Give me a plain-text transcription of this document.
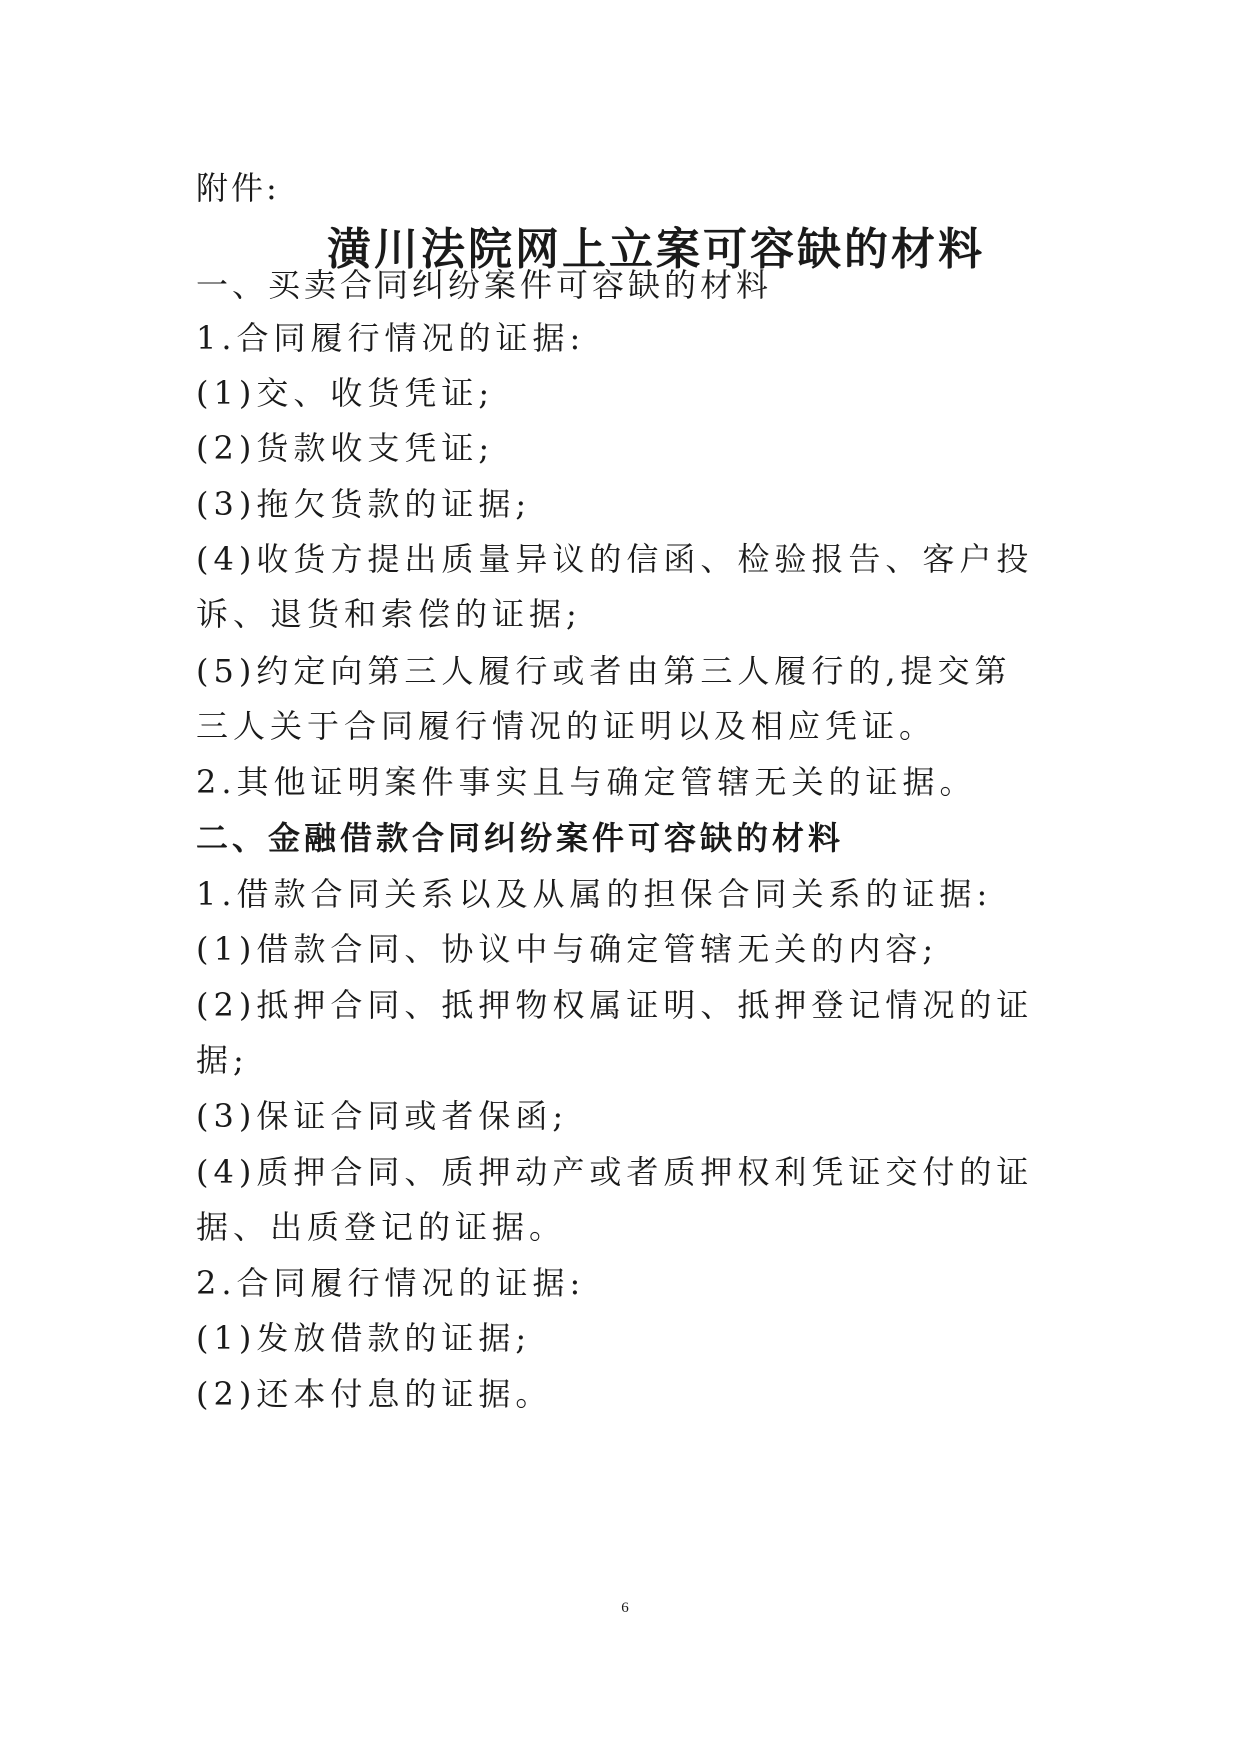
附件:
潢川法院网上立案可容缺的材料
一、买卖合同纠纷案件可容缺的材料
1.合同履行情况的证据:
(1)交、收货凭证;
(2)货款收支凭证;
(3)拖欠货款的证据;
(4)收货方提出质量异议的信函、检验报告、客户投
诉、退货和索偿的证据;
(5)约定向第三人履行或者由第三人履行的,提交第
三人关于合同履行情况的证明以及相应凭证。
2.其他证明案件事实且与确定管辖无关的证据。
二、金融借款合同纠纷案件可容缺的材料
1.借款合同关系以及从属的担保合同关系的证据:
(1)借款合同、协议中与确定管辖无关的内容;
(2)抵押合同、抵押物权属证明、抵押登记情况的证
据;
(3)保证合同或者保函;
(4)质押合同、质押动产或者质押权利凭证交付的证
据、出质登记的证据。
2.合同履行情况的证据:
(1)发放借款的证据;
(2)还本付息的证据。
6
